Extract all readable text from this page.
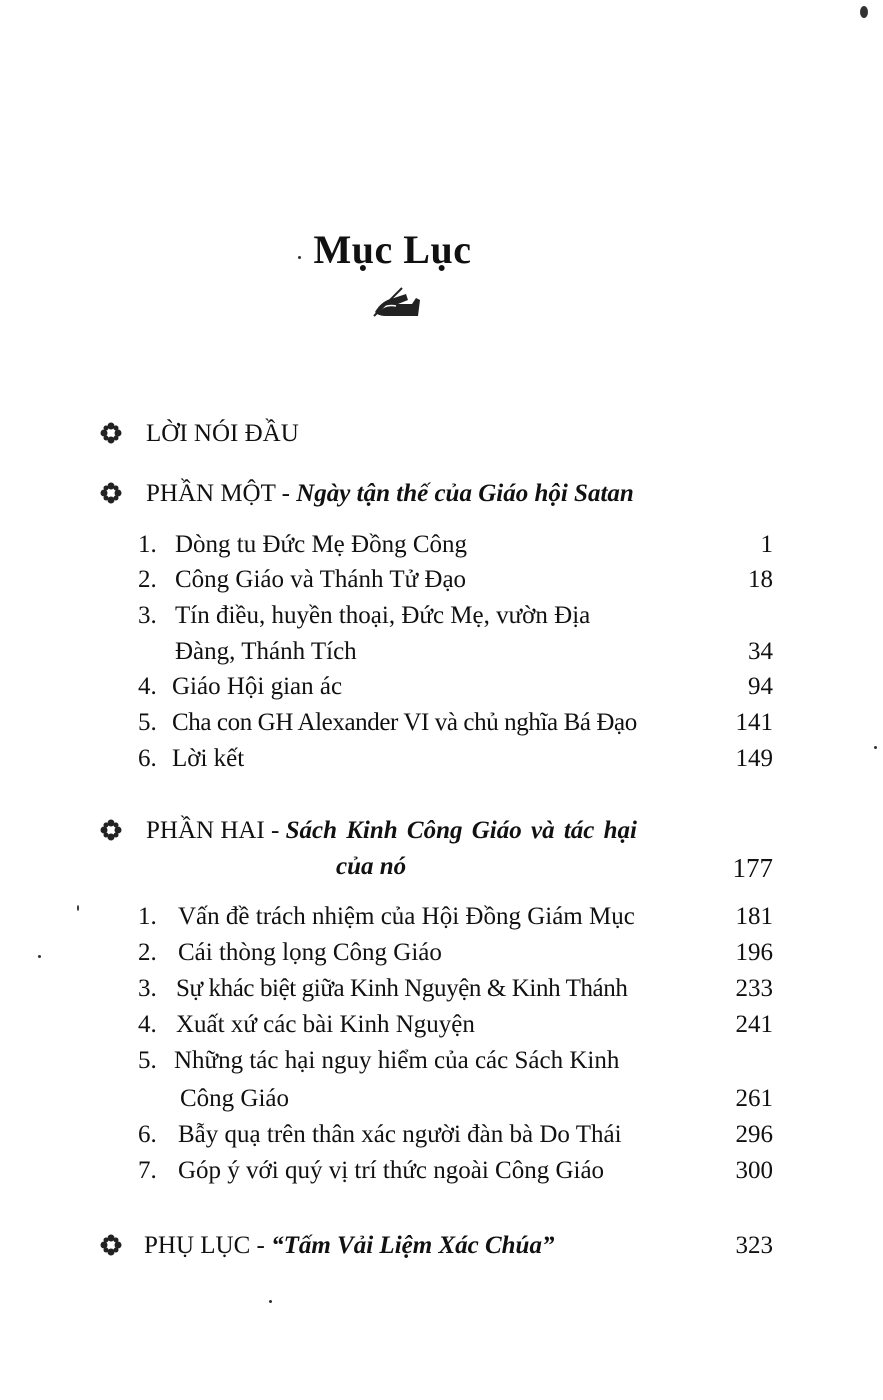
Mục Lục
LỜI NÓI ĐẦU
PHẦN MỘT - Ngày tận thế của Giáo hội Satan
1. Dòng tu Đức Mẹ Đồng Công	1
2. Công Giáo và Thánh Tử Đạo	18
3. Tín điều, huyền thoại, Đức Mẹ, vườn Địa
Đàng, Thánh Tích	34
4. Giáo Hội gian ác	94
5. Cha con GH Alexander VI và chủ nghĩa Bá Đạo	141
6. Lời kết	149
PHẦN HAI - Sách Kinh Công Giáo và tác hại
của nó	177
1. Vấn đề trách nhiệm của Hội Đồng Giám Mục	181
2. Cái thòng lọng Công Giáo	196
3. Sự khác biệt giữa Kinh Nguyện & Kinh Thánh	233
4. Xuất xứ các bài Kinh Nguyện	241
5. Những tác hại nguy hiểm của các Sách Kinh
Công Giáo	261
6. Bẫy quạ trên thân xác người đàn bà Do Thái	296
7. Góp ý với quý vị trí thức ngoài Công Giáo	300
PHỤ LỤC - “Tấm Vải Liệm Xác Chúa”	323
